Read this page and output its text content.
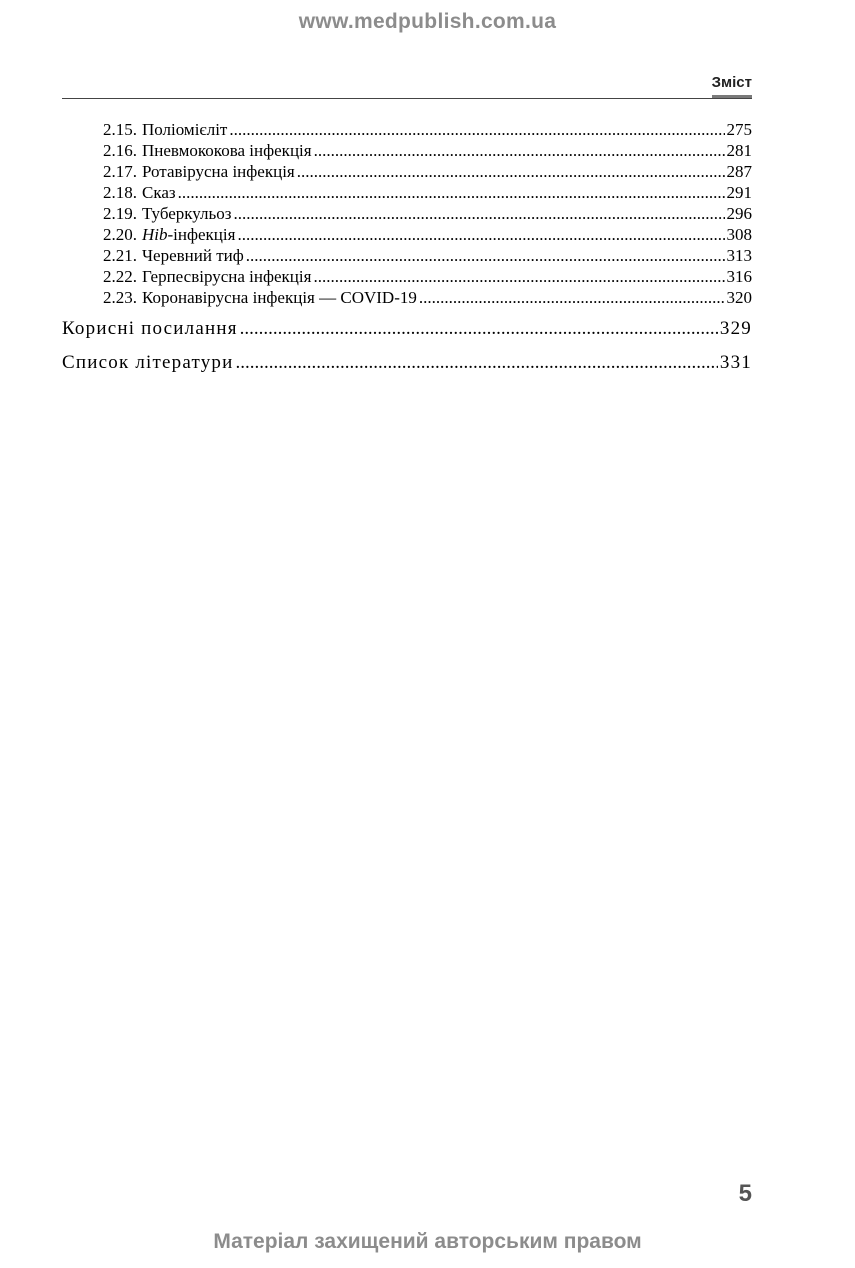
www.medpublish.com.ua
Зміст
2.15. Поліомієліт .....	275
2.16. Пневмококова інфекція .....	281
2.17. Ротавірусна інфекція .....	287
2.18. Сказ .....	291
2.19. Туберкульоз .....	296
2.20. Hib-інфекція .....	308
2.21. Черевний тиф .....	313
2.22. Герпесвірусна інфекція .....	316
2.23. Коронавірусна інфекція — COVID-19 .....	320
Корисні посилання .....	329
Список літератури .....	331
5
Матеріал захищений авторським правом
